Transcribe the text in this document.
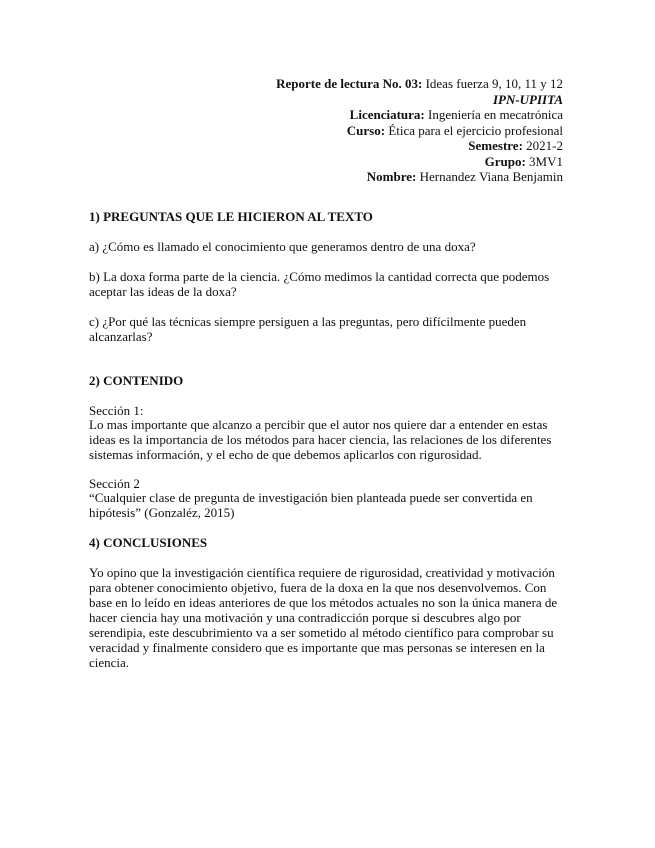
Reporte de lectura No. 03: Ideas fuerza 9, 10, 11 y 12
IPN-UPIITA
Licenciatura: Ingeniería en mecatrónica
Curso: Ética para el ejercicio profesional
Semestre: 2021-2
Grupo: 3MV1
Nombre: Hernandez Viana Benjamin

1) PREGUNTAS QUE LE HICIERON AL TEXTO

a) ¿Cómo es llamado el conocimiento que generamos dentro de una doxa?

b) La doxa forma parte de la ciencia. ¿Cómo medimos la cantidad correcta que podemos aceptar las ideas de la doxa?

c) ¿Por qué las técnicas siempre persiguen a las preguntas, pero difícilmente pueden alcanzarlas?

2) CONTENIDO

Sección 1:

Lo mas importante que alcanzo a percibir que el autor nos quiere dar a entender en estas ideas es la importancia de los métodos para hacer ciencia, las relaciones de los diferentes sistemas información, y el echo de que debemos aplicarlos con rigurosidad.

Sección 2

“Cualquier clase de pregunta de investigación bien planteada puede ser convertida en hipótesis” (Gonzaléz, 2015)

4) CONCLUSIONES

Yo opino que la investigación científica requiere de rigurosidad, creatividad y motivación para obtener conocimiento objetivo, fuera de la doxa en la que nos desenvolvemos. Con base en lo leído en ideas anteriores de que los métodos actuales no son la única manera de hacer ciencia hay una motivación y una contradicción porque si descubres algo por serendipia, este descubrimiento va a ser sometido al método científico para comprobar su veracidad y finalmente considero que es importante que mas personas se interesen en la ciencia.
